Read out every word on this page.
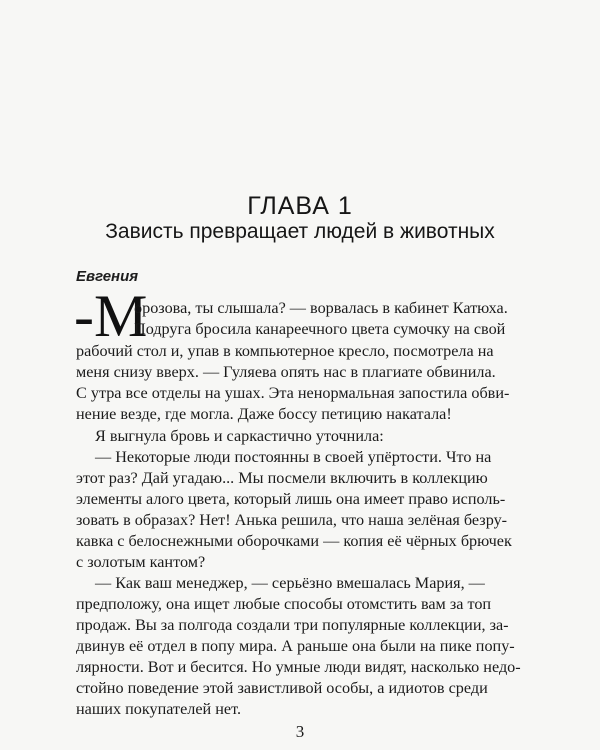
ГЛАВА 1
Зависть превращает людей в животных
Евгения
-М
орозова, ты слышала? — ворвалась в кабинет Катюха.
Подруга бросила канареечного цвета сумочку на свой
рабочий стол и, упав в компьютерное кресло, посмотрела на
меня снизу вверх. — Гуляева опять нас в плагиате обвинила.
С утра все отделы на ушах. Эта ненормальная запостила обви-
нение везде, где могла. Даже боссу петицию накатала!
Я выгнула бровь и саркастично уточнила:
— Некоторые люди постоянны в своей упёртости. Что на
этот раз? Дай угадаю... Мы посмели включить в коллекцию
элементы алого цвета, который лишь она имеет право исполь-
зовать в образах? Нет! Анька решила, что наша зелёная безру-
кавка с белоснежными оборочками — копия её чёрных брючек
с золотым кантом?
— Как ваш менеджер, — серьёзно вмешалась Мария, —
предположу, она ищет любые способы отомстить вам за топ
продаж. Вы за полгода создали три популярные коллекции, за-
двинув её отдел в попу мира. А раньше она были на пике попу-
лярности. Вот и бесится. Но умные люди видят, насколько недо-
стойно поведение этой завистливой особы, а идиотов среди
3
наших покупателей нет.
